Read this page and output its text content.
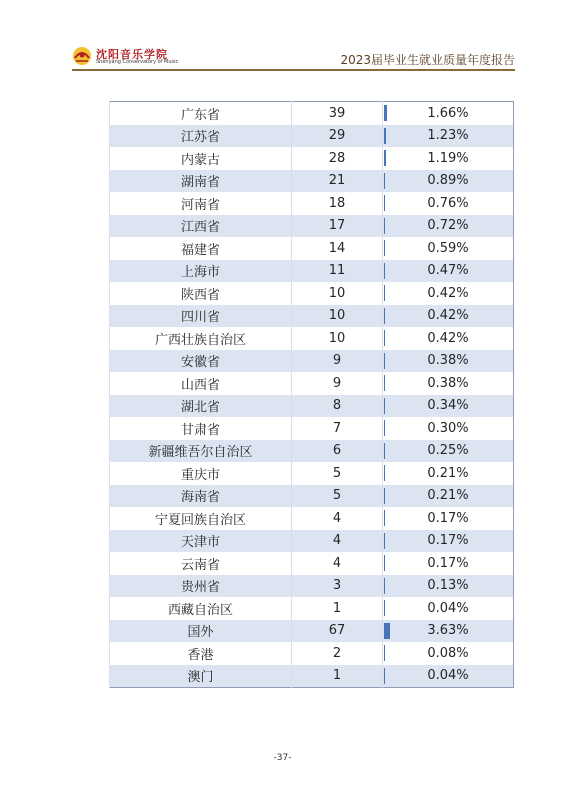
沈阳音乐学院
Shenyang Conservatory of Music	2023届毕业生就业质量年度报告
广东省	39	1.66%
江苏省	29	1.23%
内蒙古	28	1.19%
湖南省	21	0.89%
河南省	18	0.76%
江西省	17	0.72%
福建省	14	0.59%
上海市	11	0.47%
陕西省	10	0.42%
四川省	10	0.42%
广西壮族自治区	10	0.42%
安徽省	9	0.38%
山西省	9	0.38%
湖北省	8	0.34%
甘肃省	7	0.30%
新疆维吾尔自治区	6	0.25%
重庆市	5	0.21%
海南省	5	0.21%
宁夏回族自治区	4	0.17%
天津市	4	0.17%
云南省	4	0.17%
贵州省	3	0.13%
西藏自治区	1	0.04%
国外	67	3.63%
香港	2	0.08%
澳门	1	0.04%
-37-
